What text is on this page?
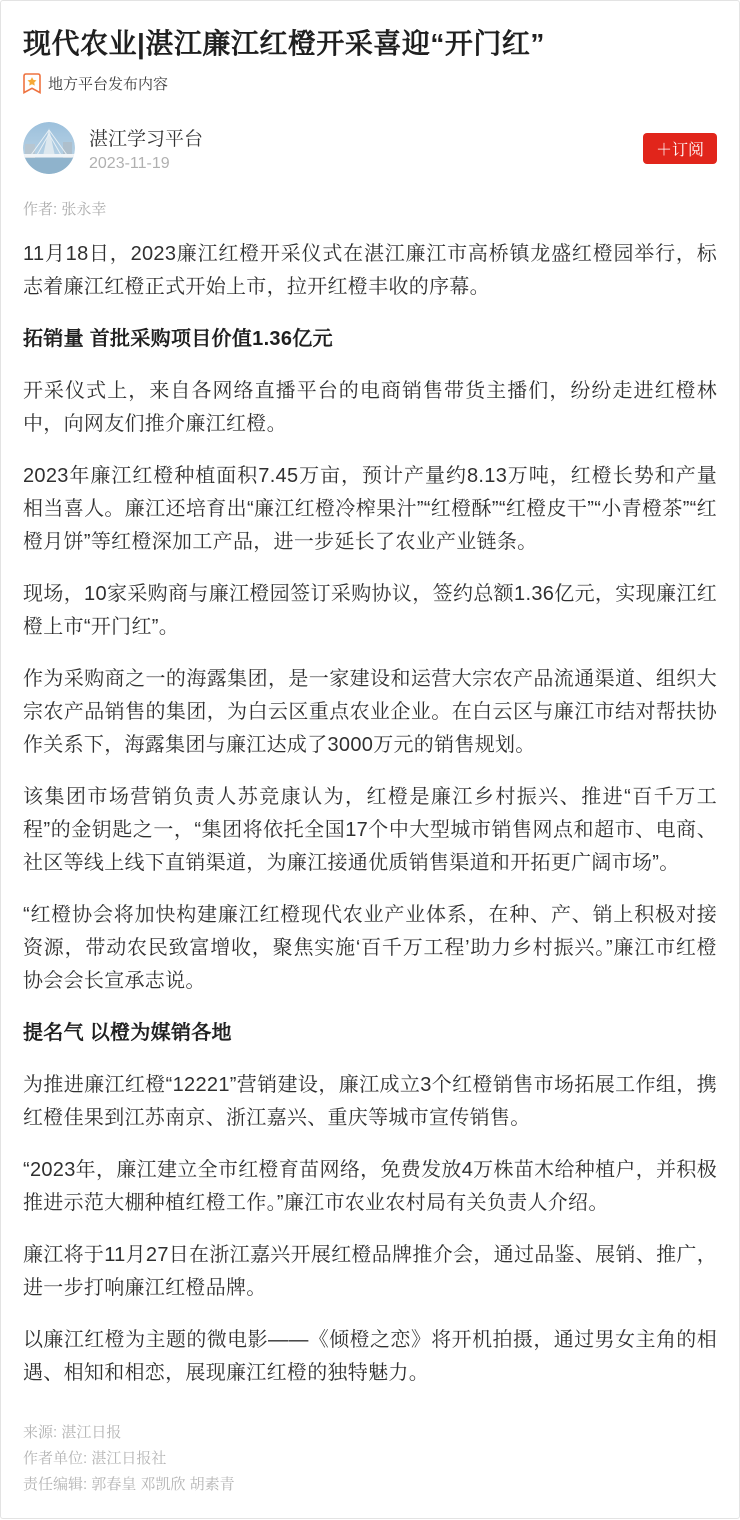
现代农业|湛江廉江红橙开采喜迎“开门红”
地方平台发布内容
湛江学习平台
2023-11-19
＋订阅
作者: 张永幸

11月18日，2023廉江红橙开采仪式在湛江廉江市高桥镇龙盛红橙园举行，标志着廉江红橙正式开始上市，拉开红橙丰收的序幕。

拓销量 首批采购项目价值1.36亿元

开采仪式上，来自各网络直播平台的电商销售带货主播们，纷纷走进红橙林中，向网友们推介廉江红橙。

2023年廉江红橙种植面积7.45万亩，预计产量约8.13万吨，红橙长势和产量相当喜人。廉江还培育出“廉江红橙冷榨果汁”“红橙酥”“红橙皮干”“小青橙茶”“红橙月饼”等红橙深加工产品，进一步延长了农业产业链条。

现场，10家采购商与廉江橙园签订采购协议，签约总额1.36亿元，实现廉江红橙上市“开门红”。

作为采购商之一的海露集团，是一家建设和运营大宗农产品流通渠道、组织大宗农产品销售的集团，为白云区重点农业企业。在白云区与廉江市结对帮扶协作关系下，海露集团与廉江达成了3000万元的销售规划。

该集团市场营销负责人苏竞康认为，红橙是廉江乡村振兴、推进“百千万工程”的金钥匙之一，“集团将依托全国17个中大型城市销售网点和超市、电商、社区等线上线下直销渠道，为廉江接通优质销售渠道和开拓更广阔市场”。

“红橙协会将加快构建廉江红橙现代农业产业体系，在种、产、销上积极对接资源，带动农民致富增收，聚焦实施‘百千万工程’助力乡村振兴。”廉江市红橙协会会长宣承志说。

提名气 以橙为媒销各地

为推进廉江红橙“12221”营销建设，廉江成立3个红橙销售市场拓展工作组，携红橙佳果到江苏南京、浙江嘉兴、重庆等城市宣传销售。

“2023年，廉江建立全市红橙育苗网络，免费发放4万株苗木给种植户，并积极推进示范大棚种植红橙工作。”廉江市农业农村局有关负责人介绍。

廉江将于11月27日在浙江嘉兴开展红橙品牌推介会，通过品鉴、展销、推广，进一步打响廉江红橙品牌。

以廉江红橙为主题的微电影——《倾橙之恋》将开机拍摄，通过男女主角的相遇、相知和相恋，展现廉江红橙的独特魅力。

来源: 湛江日报
作者单位: 湛江日报社
责任编辑: 郭春皇 邓凯欣 胡素青
